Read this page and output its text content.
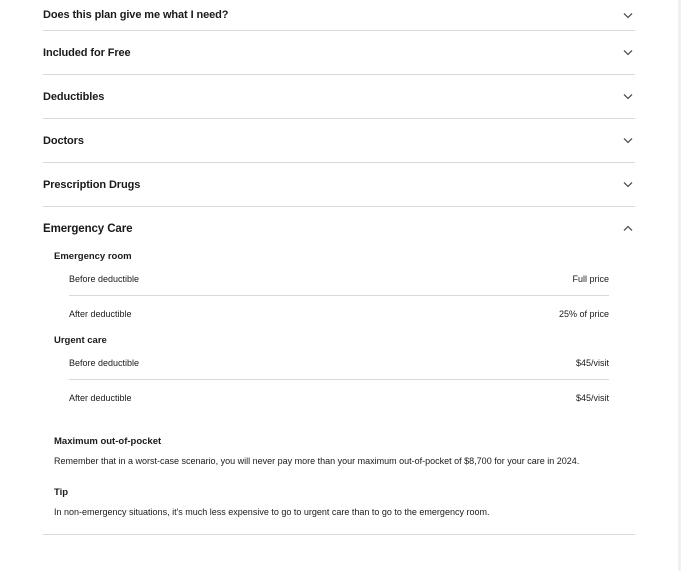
Does this plan give me what I need?
Included for Free
Deductibles
Doctors
Prescription Drugs
Emergency Care
Emergency room
Before deductible	Full price
After deductible	25% of price
Urgent care
Before deductible	$45/visit
After deductible	$45/visit
Maximum out-of-pocket
Remember that in a worst-case scenario, you will never pay more than your maximum out-of-pocket of $8,700 for your care in 2024.
Tip
In non-emergency situations, it's much less expensive to go to urgent care than to go to the emergency room.
